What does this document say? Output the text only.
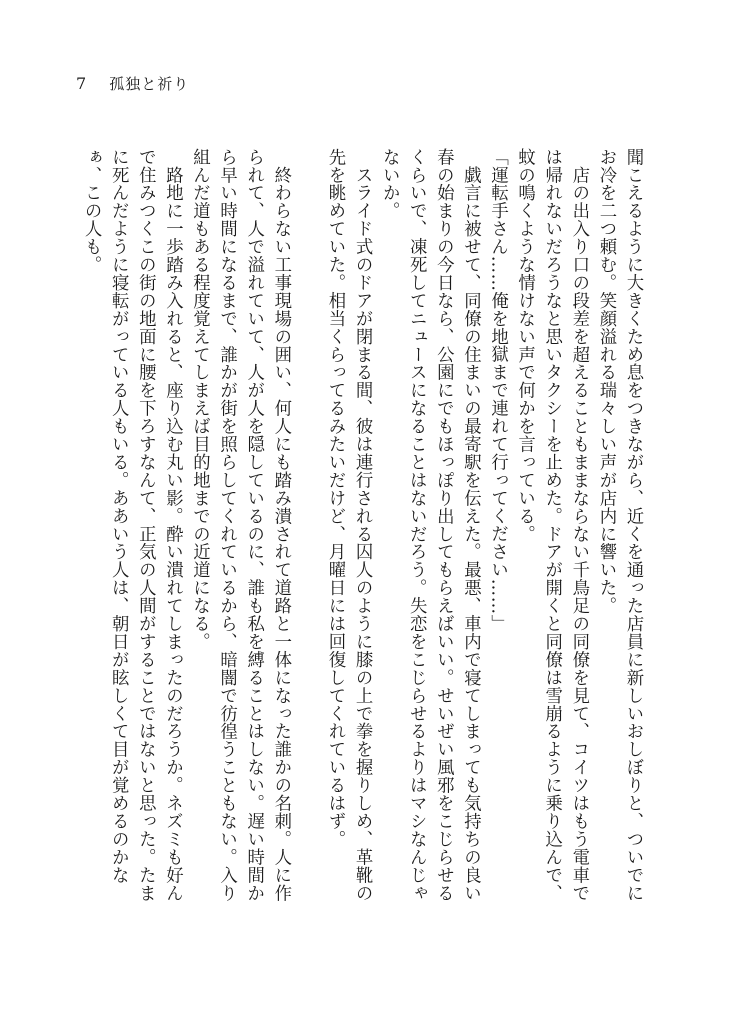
7 孤独と祈り

聞こえるように大きくため息をつきながら、近くを通った店員に新しいおしぼりと、ついでにお冷を二つ頼む。笑顔溢れる瑞々しい声が店内に響いた。

　店の出入り口の段差を超えることもままならない千鳥足の同僚を見て、コイツはもう電車では帰れないだろうなと思いタクシーを止めた。ドアが開くと同僚は雪崩るように乗り込んで、蚊の鳴くような情けない声で何かを言っている。

「運転手さん……俺を地獄まで連れて行ってください……」

　戯言に被せて、同僚の住まいの最寄駅を伝えた。最悪、車内で寝てしまっても気持ちの良い春の始まりの今日なら、公園にでもほっぽり出してもらえばいい。せいぜい風邪をこじらせるくらいで、凍死してニュースになることはないだろう。失恋をこじらせるよりはマシなんじゃないか。

　スライド式のドアが閉まる間、彼は連行される囚人のように膝の上で拳を握りしめ、革靴の先を眺めていた。相当くらってるみたいだけど、月曜日には回復してくれているはず。

　終わらない工事現場の囲い、何人にも踏み潰されて道路と一体になった誰かの名刺。人に作られて、人で溢れていて、人が人を隠しているのに、誰も私を縛ることはしない。遅い時間から早い時間になるまで、誰かが街を照らしてくれているから、暗闇で彷徨うこともない。入り組んだ道もある程度覚えてしまえば目的地までの近道になる。

　路地に一歩踏み入れると、座り込む丸い影。酔い潰れてしまったのだろうか。ネズミも好んで住みつくこの街の地面に腰を下ろすなんて、正気の人間がすることではないと思った。たまに死んだように寝転がっている人もいる。ああいう人は、朝日が眩しくて目が覚めるのかなぁ、この人も。
